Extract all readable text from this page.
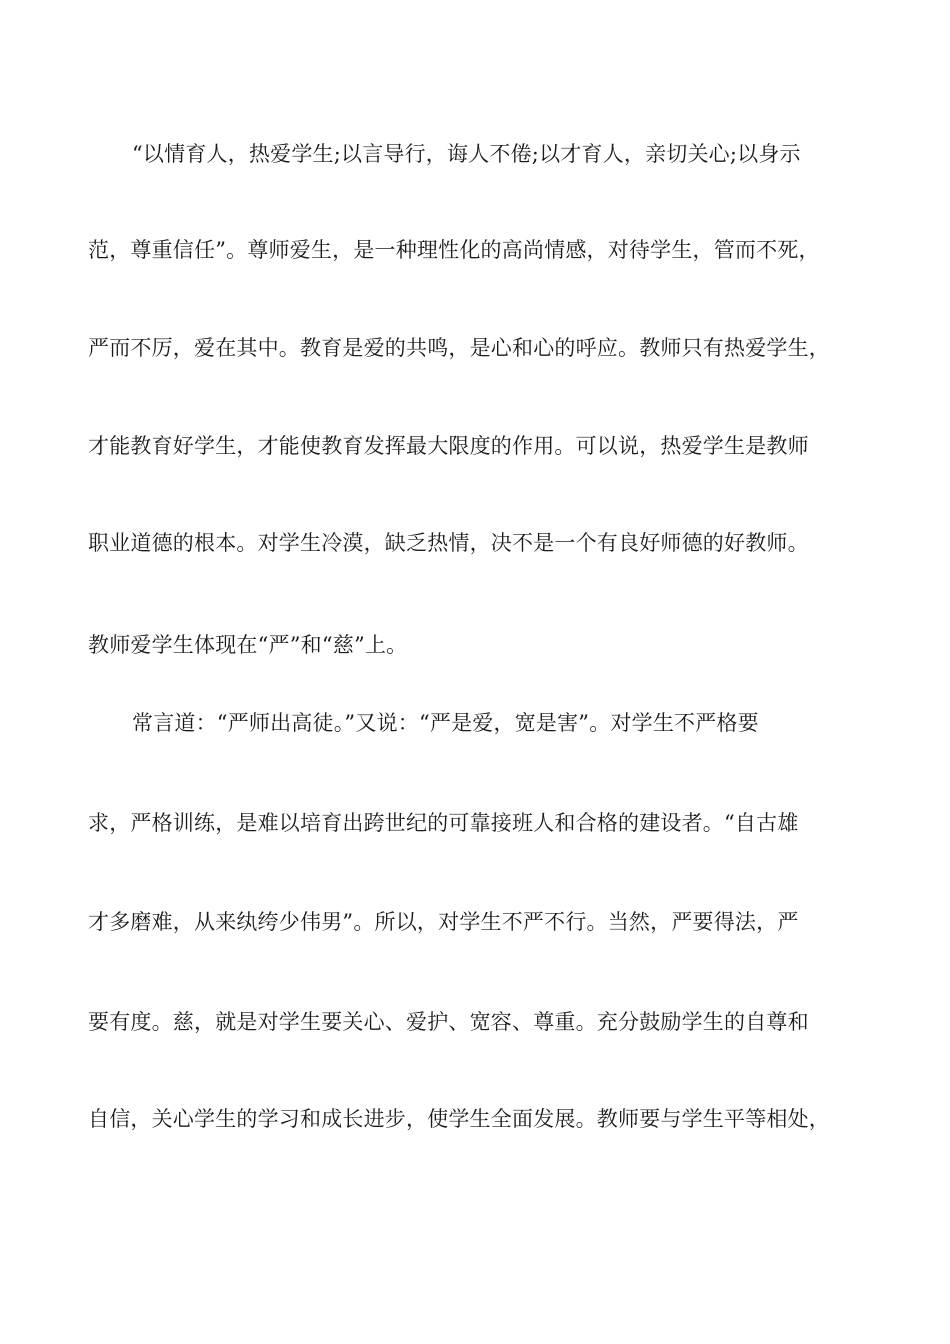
“以情育人，热爱学生;以言导行，诲人不倦;以才育人，亲切关心;以身示
范，尊重信任”。尊师爱生，是一种理性化的高尚情感，对待学生，管而不死，
严而不厉，爱在其中。教育是爱的共鸣，是心和心的呼应。教师只有热爱学生，
才能教育好学生，才能使教育发挥最大限度的作用。可以说，热爱学生是教师
职业道德的根本。对学生冷漠，缺乏热情，决不是一个有良好师德的好教师。
教师爱学生体现在“严”和“慈”上。
常言道：“严师出高徒。”又说：“严是爱，宽是害”。对学生不严格要
求，严格训练，是难以培育出跨世纪的可靠接班人和合格的建设者。“自古雄
才多磨难，从来纨绔少伟男”。所以，对学生不严不行。当然，严要得法，严
要有度。慈，就是对学生要关心、爱护、宽容、尊重。充分鼓励学生的自尊和
自信，关心学生的学习和成长进步，使学生全面发展。教师要与学生平等相处，
